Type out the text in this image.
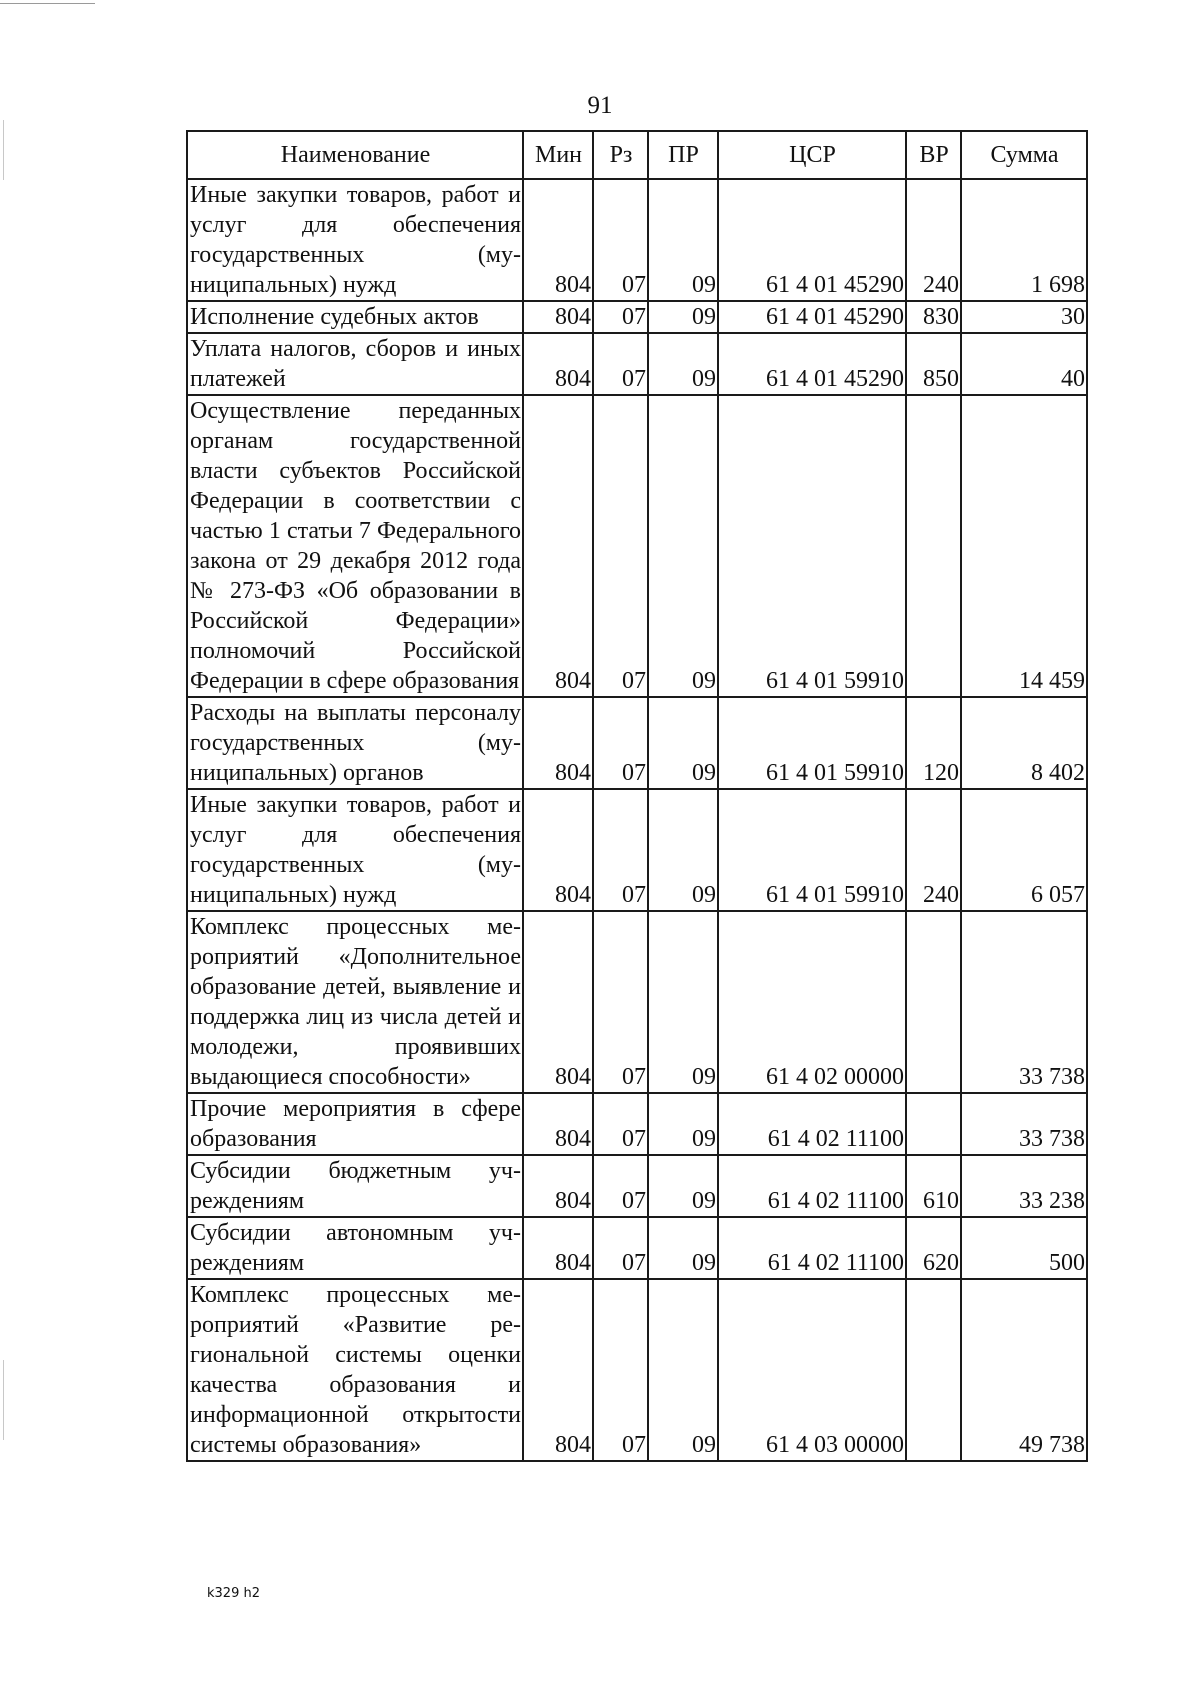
91
Наименование	Мин	Рз	ПР	ЦСР	ВР	Сумма
Иные закупки товаров, работ и услуг для обеспечения государственных (муниципальных) нужд	804	07	09	61 4 01 45290	240	1 698
Исполнение судебных актов	804	07	09	61 4 01 45290	830	30
Уплата налогов, сборов и иных платежей	804	07	09	61 4 01 45290	850	40
Осуществление переданных органам государственной власти субъектов Российской Федерации в соответствии с частью 1 статьи 7 Федерального закона от 29 декабря 2012 года № 273-ФЗ «Об образовании в Российской Федерации» полномочий Российской Федерации в сфере образования	804	07	09	61 4 01 59910		14 459
Расходы на выплаты персоналу государственных (муниципальных) органов	804	07	09	61 4 01 59910	120	8 402
Иные закупки товаров, работ и услуг для обеспечения государственных (муниципальных) нужд	804	07	09	61 4 01 59910	240	6 057
Комплекс процессных мероприятий «Дополнительное образование детей, выявление и поддержка лиц из числа детей и молодежи, проявивших выдающиеся способности»	804	07	09	61 4 02 00000		33 738
Прочие мероприятия в сфере образования	804	07	09	61 4 02 11100		33 738
Субсидии бюджетным учреждениям	804	07	09	61 4 02 11100	610	33 238
Субсидии автономным учреждениям	804	07	09	61 4 02 11100	620	500
Комплекс процессных мероприятий «Развитие региональной системы оценки качества образования и информационной открытости системы образования»	804	07	09	61 4 03 00000		49 738
k329 h2
